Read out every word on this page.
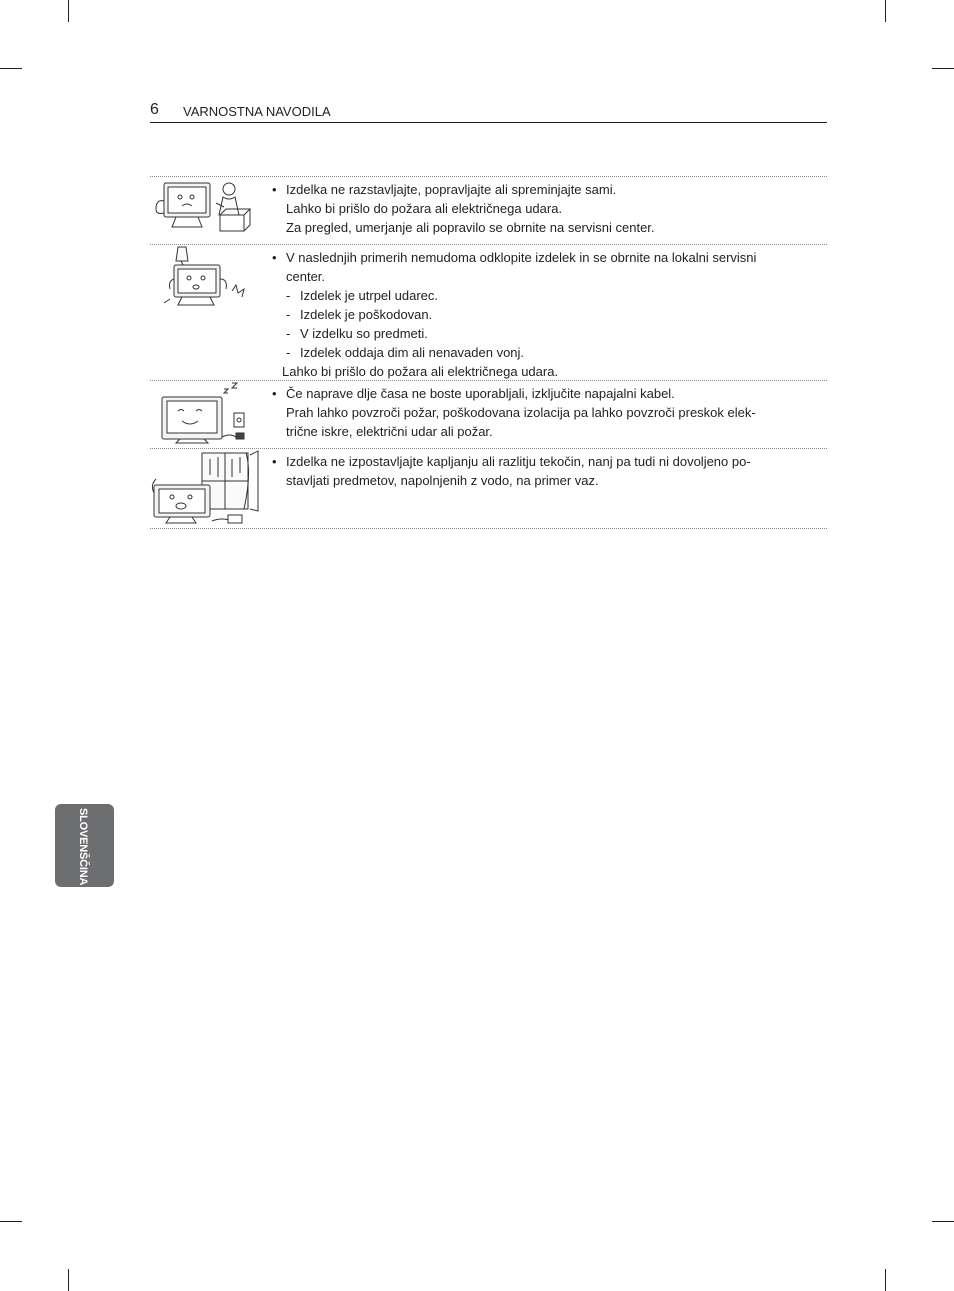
6 VARNOSTNA NAVODILA
• Izdelka ne razstavljajte, popravljajte ali spreminjajte sami.
Lahko bi prišlo do požara ali električnega udara.
Za pregled, umerjanje ali popravilo se obrnite na servisni center.
• V naslednjih primerih nemudoma odklopite izdelek in se obrnite na lokalni servisni
center.
- Izdelek je utrpel udarec.
- Izdelek je poškodovan.
- V izdelku so predmeti.
- Izdelek oddaja dim ali nenavaden vonj.
Lahko bi prišlo do požara ali električnega udara.
• Če naprave dlje časa ne boste uporabljali, izključite napajalni kabel.
Prah lahko povzroči požar, poškodovana izolacija pa lahko povzroči preskok elek-
trične iskre, električni udar ali požar.
• Izdelka ne izpostavljajte kapljanju ali razlitju tekočin, nanj pa tudi ni dovoljeno po-
stavljati predmetov, napolnjenih z vodo, na primer vaz.
SLOVENŠČINA
